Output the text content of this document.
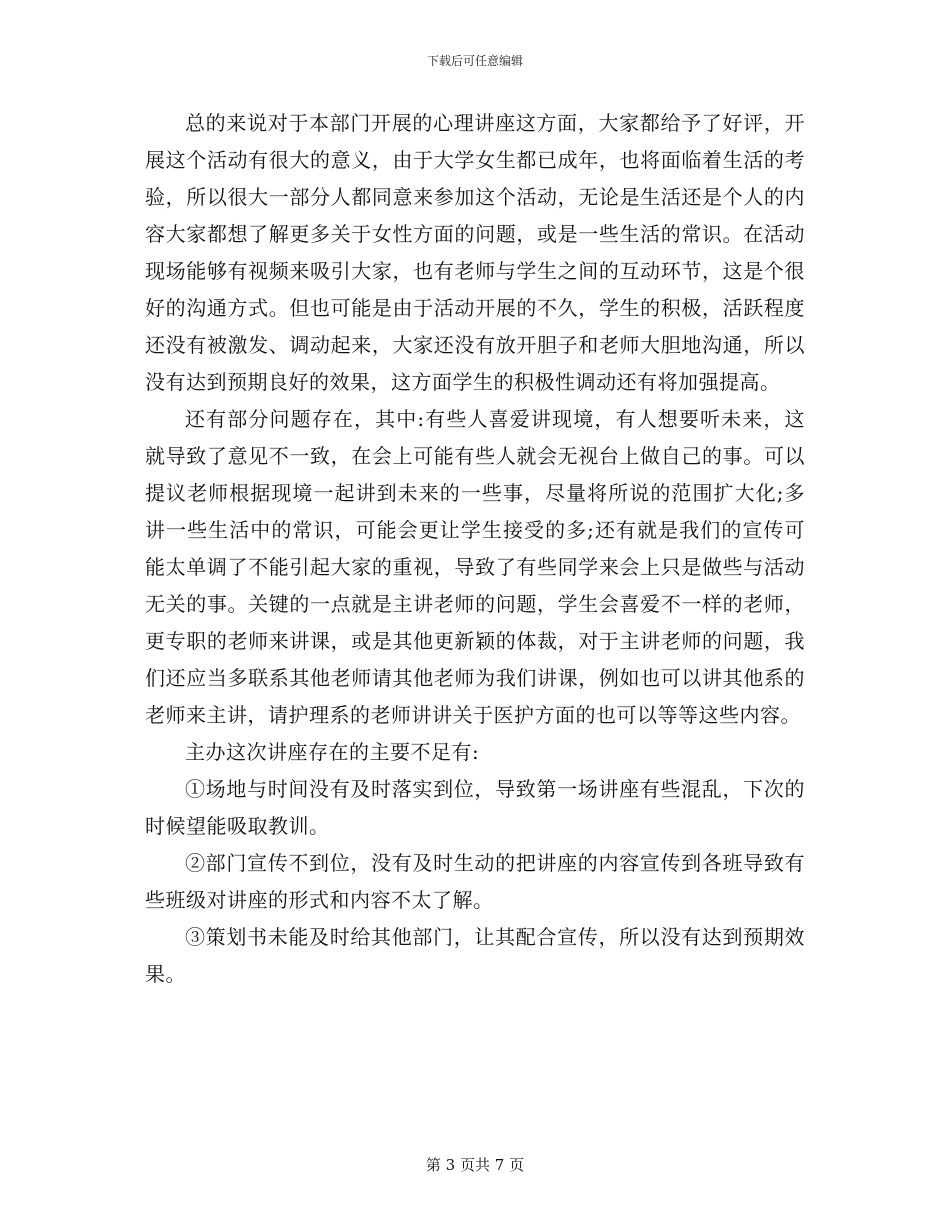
下载后可任意编辑

总的来说对于本部门开展的心理讲座这方面，大家都给予了好评，开展这个活动有很大的意义，由于大学女生都已成年，也将面临着生活的考验，所以很大一部分人都同意来参加这个活动，无论是生活还是个人的内容大家都想了解更多关于女性方面的问题，或是一些生活的常识。在活动现场能够有视频来吸引大家，也有老师与学生之间的互动环节，这是个很好的沟通方式。但也可能是由于活动开展的不久，学生的积极，活跃程度还没有被激发、调动起来，大家还没有放开胆子和老师大胆地沟通，所以没有达到预期良好的效果，这方面学生的积极性调动还有将加强提高。

还有部分问题存在，其中:有些人喜爱讲现境，有人想要听未来，这就导致了意见不一致，在会上可能有些人就会无视台上做自己的事。可以提议老师根据现境一起讲到未来的一些事，尽量将所说的范围扩大化;多讲一些生活中的常识，可能会更让学生接受的多;还有就是我们的宣传可能太单调了不能引起大家的重视，导致了有些同学来会上只是做些与活动无关的事。关键的一点就是主讲老师的问题，学生会喜爱不一样的老师，更专职的老师来讲课，或是其他更新颖的体裁，对于主讲老师的问题，我们还应当多联系其他老师请其他老师为我们讲课，例如也可以讲其他系的老师来主讲，请护理系的老师讲讲关于医护方面的也可以等等这些内容。

主办这次讲座存在的主要不足有:

①场地与时间没有及时落实到位，导致第一场讲座有些混乱，下次的时候望能吸取教训。

②部门宣传不到位，没有及时生动的把讲座的内容宣传到各班导致有些班级对讲座的形式和内容不太了解。

③策划书未能及时给其他部门，让其配合宣传，所以没有达到预期效果。

第 3 页共 7 页
